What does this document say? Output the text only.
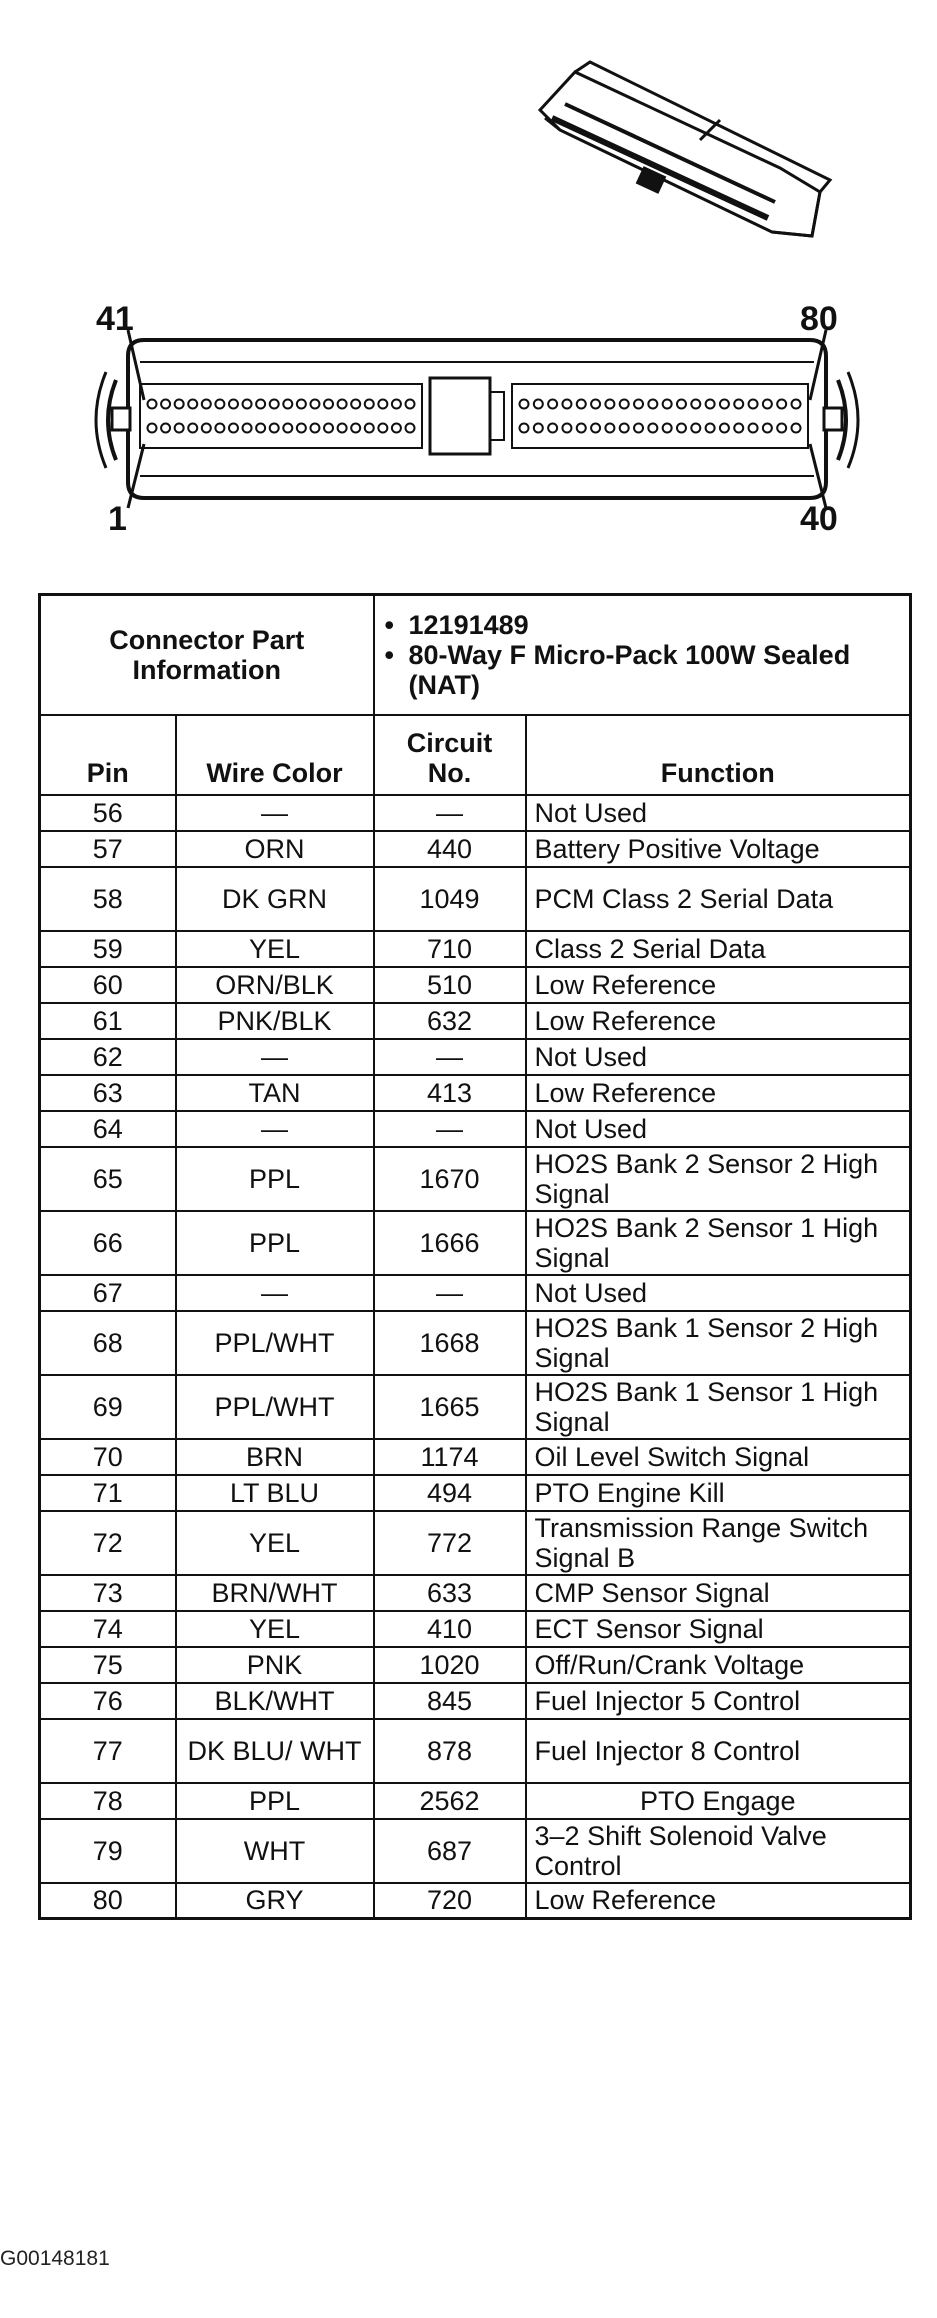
41	80
1	40
Connector Part Information		• 12191489
• 80-Way F Micro-Pack 100W Sealed (NAT)	

Pin	Wire Color	Circuit No.	Function
56	—	—	Not Used
57	ORN	440	Battery Positive Voltage
58	DK GRN	1049	PCM Class 2 Serial Data
59	YEL	710	Class 2 Serial Data
60	ORN/BLK	510	Low Reference
61	PNK/BLK	632	Low Reference
62	—	—	Not Used
63	TAN	413	Low Reference
64	—	—	Not Used
65	PPL	1670	HO2S Bank 2 Sensor 2 High Signal
66	PPL	1666	HO2S Bank 2 Sensor 1 High Signal
67	—	—	Not Used
68	PPL/WHT	1668	HO2S Bank 1 Sensor 2 High Signal
69	PPL/WHT	1665	HO2S Bank 1 Sensor 1 High Signal
70	BRN	1174	Oil Level Switch Signal
71	LT BLU	494	PTO Engine Kill
72	YEL	772	Transmission Range Switch Signal B
73	BRN/WHT	633	CMP Sensor Signal
74	YEL	410	ECT Sensor Signal
75	PNK	1020	Off/Run/Crank Voltage
76	BLK/WHT	845	Fuel Injector 5 Control
77	DK BLU/ WHT	878	Fuel Injector 8 Control
78	PPL	2562	PTO Engage
79	WHT	687	3–2 Shift Solenoid Valve Control
80	GRY	720	Low Reference
G00148181
